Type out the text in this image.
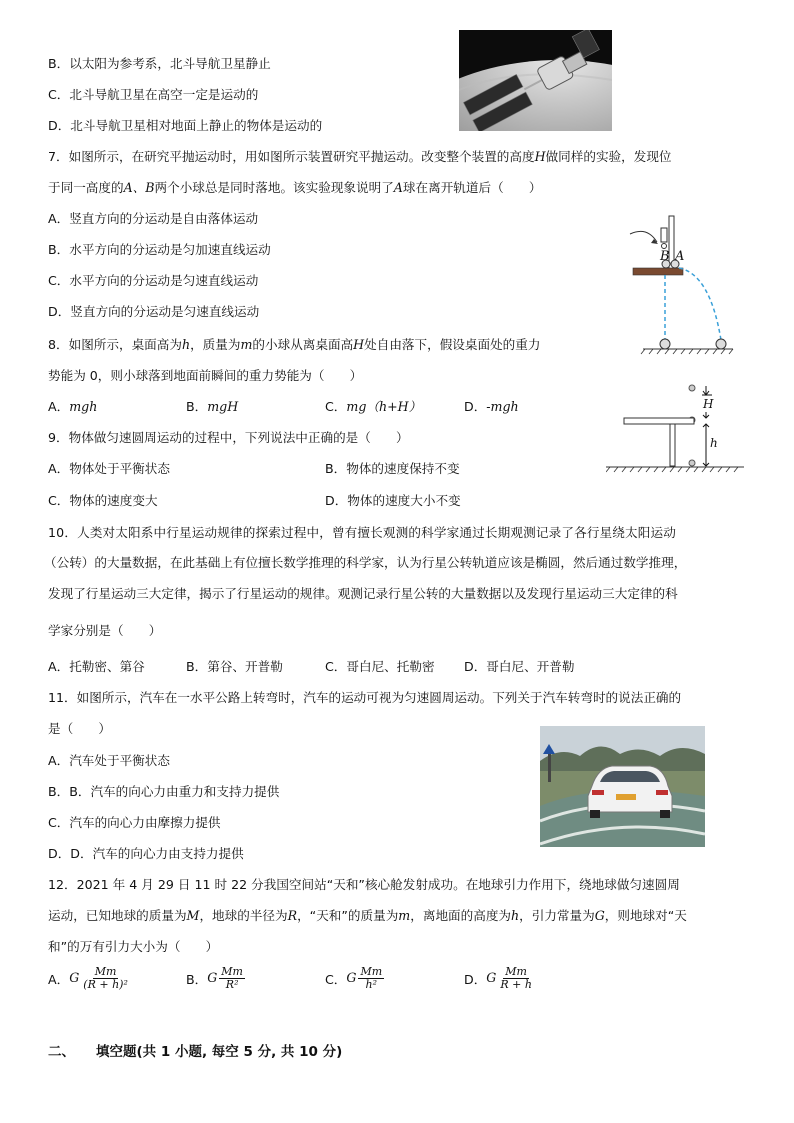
B．以太阳为参考系，北斗导航卫星静止
C．北斗导航卫星在高空一定是运动的
D．北斗导航卫星相对地面上静止的物体是运动的
7．如图所示，在研究平抛运动时，用如图所示装置研究平抛运动。改变整个装置的高度H做同样的实验，发现位
于同一高度的A、B两个小球总是同时落地。该实验现象说明了A球在离开轨道后（　　）
A．竖直方向的分运动是自由落体运动
B．水平方向的分运动是匀加速直线运动
C．水平方向的分运动是匀速直线运动
D．竖直方向的分运动是匀速直线运动
B A
8．如图所示，桌面高为h，质量为m的小球从离桌面高H处自由落下，假设桌面处的重力
势能为 0，则小球落到地面前瞬间的重力势能为（　　）
A．mgh	B．mgH	C．mg（h+H）	D．-mgh	H
h
9．物体做匀速圆周运动的过程中，下列说法中正确的是（　　）
A．物体处于平衡状态	B．物体的速度保持不变
C．物体的速度变大	D．物体的速度大小不变
10．人类对太阳系中行星运动规律的探索过程中，曾有擅长观测的科学家通过长期观测记录了各行星绕太阳运动
（公转）的大量数据，在此基础上有位擅长数学推理的科学家，认为行星公转轨道应该是椭圆，然后通过数学推理，
发现了行星运动三大定律，揭示了行星运动的规律。观测记录行星公转的大量数据以及发现行星运动三大定律的科
学家分别是（　　）
A．托勒密、第谷	B．第谷、开普勒	C．哥白尼、托勒密 D．哥白尼、开普勒
11．如图所示，汽车在一水平公路上转弯时，汽车的运动可视为匀速圆周运动。下列关于汽车转弯时的说法正确的
是（　　）
A．汽车处于平衡状态
B．B．汽车的向心力由重力和支持力提供
C．汽车的向心力由摩擦力提供
D．D．汽车的向心力由支持力提供
12．2021 年 4 月 29 日 11 时 22 分我国空间站“天和”核心舱发射成功。在地球引力作用下，绕地球做匀速圆周
运动，已知地球的质量为M，地球的半径为R，“天和”的质量为m，离地面的高度为h，引力常量为G，则地球对“天
和”的万有引力大小为（　　）
A．G $\frac{Mm}{\text{(R + h)²}}$	B．G $\frac{Mm}{\text{R²}}$	C．G $\frac{Mm}{\text{h²}}$	D．G $\frac{Mm}{R + h}$
二、 填空题(共 1 小题, 每空 5 分, 共 10 分)
